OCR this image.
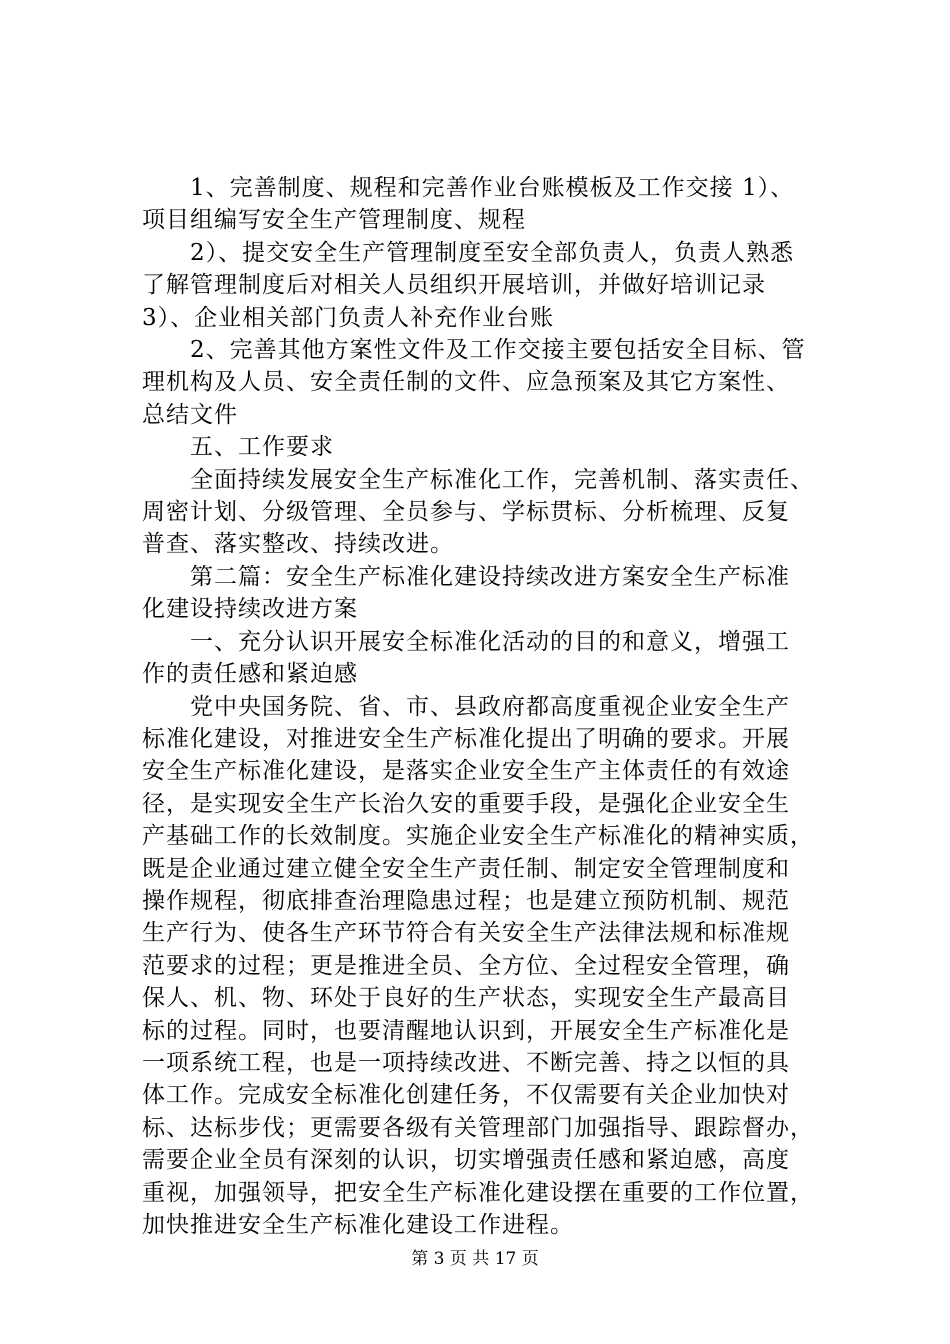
　　1、完善制度、规程和完善作业台账模板及工作交接 1）、
项目组编写安全生产管理制度、规程
　　2）、提交安全生产管理制度至安全部负责人，负责人熟悉
了解管理制度后对相关人员组织开展培训，并做好培训记录
3）、企业相关部门负责人补充作业台账
　　2、完善其他方案性文件及工作交接主要包括安全目标、管
理机构及人员、安全责任制的文件、应急预案及其它方案性、
总结文件
　　五、工作要求
　　全面持续发展安全生产标准化工作，完善机制、落实责任、
周密计划、分级管理、全员参与、学标贯标、分析梳理、反复
普查、落实整改、持续改进。
　　第二篇：安全生产标准化建设持续改进方案安全生产标准
化建设持续改进方案
　　一、充分认识开展安全标准化活动的目的和意义，增强工
作的责任感和紧迫感
　　党中央国务院、省、市、县政府都高度重视企业安全生产
标准化建设，对推进安全生产标准化提出了明确的要求。开展
安全生产标准化建设，是落实企业安全生产主体责任的有效途
径，是实现安全生产长治久安的重要手段，是强化企业安全生
产基础工作的长效制度。实施企业安全生产标准化的精神实质，
既是企业通过建立健全安全生产责任制、制定安全管理制度和
操作规程，彻底排查治理隐患过程；也是建立预防机制、规范
生产行为、使各生产环节符合有关安全生产法律法规和标准规
范要求的过程；更是推进全员、全方位、全过程安全管理，确
保人、机、物、环处于良好的生产状态，实现安全生产最高目
标的过程。同时，也要清醒地认识到，开展安全生产标准化是
一项系统工程，也是一项持续改进、不断完善、持之以恒的具
体工作。完成安全标准化创建任务，不仅需要有关企业加快对
标、达标步伐；更需要各级有关管理部门加强指导、跟踪督办，
需要企业全员有深刻的认识，切实增强责任感和紧迫感，高度
重视，加强领导，把安全生产标准化建设摆在重要的工作位置，
加快推进安全生产标准化建设工作进程。
第 3 页 共 17 页
